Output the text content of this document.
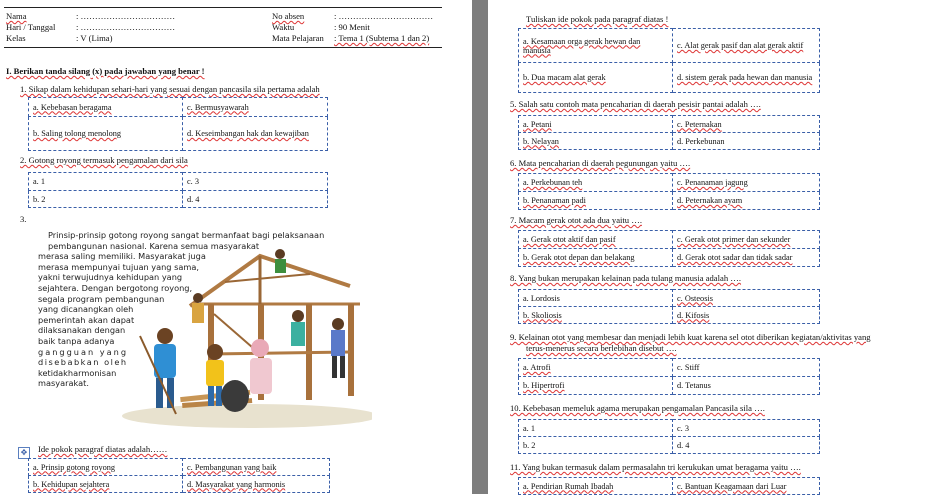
Nama	: ……………………………
Hari / Tanggal : ……………………………
Kelas	: V (Lima)
No absen	: ……………………………
Waktu	: 90 Menit
Mata Pelajaran : Tema 1 (Subtema 1 dan 2)
I. Berikan tanda silang (x) pada jawaban yang benar !
1. Sikap dalam kehidupan sehari-hari yang sesuai dengan pancasila sila pertama adalah
a. Kebebasan beragama	c. Bermusyawarah
b. Saling tolong menolong	d. Keseimbangan hak dan kewajiban
2. Gotong royong termasuk pengamalan dari sila
a. 1	c. 3
b. 2	d. 4
3.
Prinsip-prinsip gotong royong sangat bermanfaat bagi pelaksanaan
pembangunan nasional. Karena semua masyarakat
merasa saling memiliki. Masyarakat juga
merasa mempunyai tujuan yang sama,
yakni terwujudnya kehidupan yang
sejahtera. Dengan bergotong royong,
segala program pembangunan
yang dicanangkan oleh
pemerintah akan dapat
dilaksanakan dengan
baik tanpa adanya
gangguan yang
disebabkan oleh
ketidakharmonisan
masyarakat.
✥	Ide pokok paragraf diatas adalah……
a. Prinsip gotong royong	c. Pembangunan yang baik
b. Kehidupan sejahtera	d. Masyarakat yang harmonis
Tuliskan ide pokok pada paragraf diatas !
a. Kesamaan orga gerak hewan dan manusia	c. Alat gerak pasif dan alat gerak aktif
b. Dua macam alat gerak	d. sistem gerak pada hewan dan manusia
5. Salah satu contoh mata pencaharian di daerah pesisir pantai adalah ….
a. Petani	c. Peternakan
b. Nelayan	d. Perkebunan
6. Mata pencaharian di daerah pegunungan yaitu ….
a. Perkebunan teh	c. Penanaman jagung
b. Penanaman padi	d. Peternakan ayam
7. Macam gerak otot ada dua yaitu ….
a. Gerak otot aktif dan pasif	c. Gerak otot primer dan sekunder
b. Gerak otot depan dan belakang	d. Gerak otot sadar dan tidak sadar
8. Yang bukan merupakan kelainan pada tulang manusia adalah ….
a. Lordosis	c. Osteosis
b. Skoliosis	d. Kifosis
9. Kelainan otot yang membesar dan menjadi lebih kuat karena sel otot diberikan kegiatan/aktivitas yang
terus-menerus secara berlebihan disebut ….
a. Atrofi	c. Stiff
b. Hipertrofi	d. Tetanus
10. Kebebasan memeluk agama merupakan pengamalan Pancasila sila ….
a. 1	c. 3
b. 2	d. 4
11. Yang bukan termasuk dalam permasalahn tri kerukukan umat beragama yaitu ….
a. Pendirian Rumah Ibadah	c. Bantuan Keagamaan dari Luar
